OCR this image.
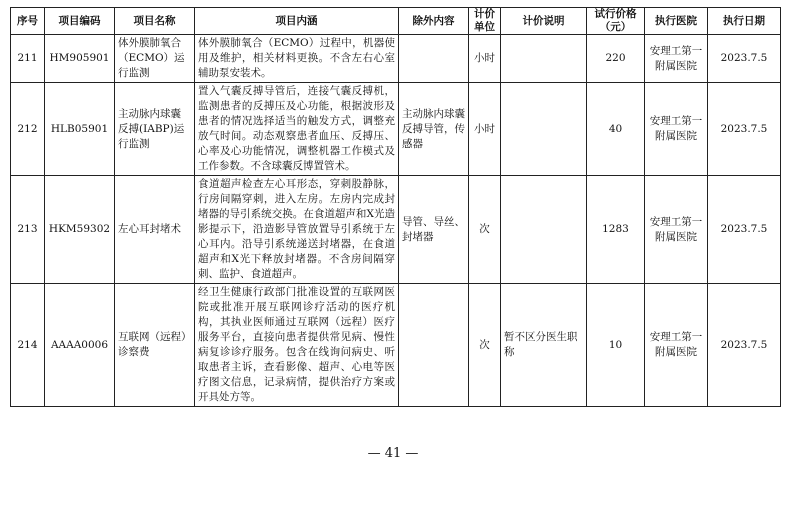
序号	项目编码	项目名称	项目内涵	除外内容	计价单位	计价说明	试行价格（元）	执行医院	执行日期
211	HM905901	体外膜肺氧合（ECMO）运行监测	体外膜肺氧合（ECMO）过程中，机器使用及维护，相关材料更换。不含左右心室辅助泵安装术。		小时		220	安理工第一附属医院	2023.7.5
212	HLB05901	主动脉内球囊反搏(IABP)运行监测	置入气囊反搏导管后，连接气囊反搏机，监测患者的反搏压及心功能，根据波形及患者的情况选择适当的触发方式，调整充放气时间。动态观察患者血压、反搏压、心率及心功能情况，调整机器工作模式及工作参数。不含球囊反博置管术。	主动脉内球囊反搏导管，传感器	小时		40	安理工第一附属医院	2023.7.5
213	HKM59302	左心耳封堵术	食道超声检查左心耳形态，穿刺股静脉，行房间隔穿刺，进入左房。左房内完成封堵器的导引系统交换。在食道超声和X光造影提示下，沿造影导管放置导引系统于左心耳内。沿导引系统递送封堵器，在食道超声和X光下释放封堵器。不含房间隔穿刺、监护、食道超声。	导管、导丝、封堵器	次		1283	安理工第一附属医院	2023.7.5
214	AAAA0006	互联网（远程）诊察费	经卫生健康行政部门批准设置的互联网医院或批准开展互联网诊疗活动的医疗机构，其执业医师通过互联网（远程）医疗服务平台，直接向患者提供常见病、慢性病复诊诊疗服务。包含在线询问病史、听取患者主诉，查看影像、超声、心电等医疗图文信息，记录病情，提供治疗方案或开具处方等。		次	暂不区分医生职称	10	安理工第一附属医院	2023.7.5
— 41 —
